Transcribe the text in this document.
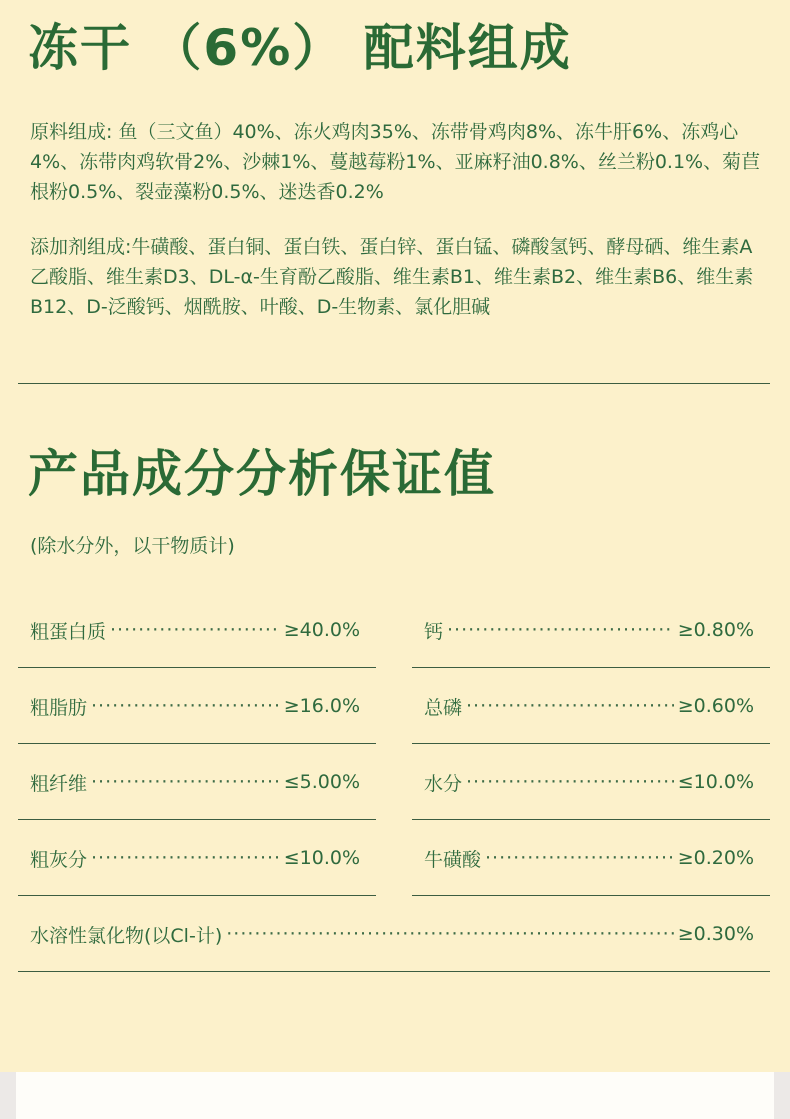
冻干 （6%） 配料组成

原料组成: 鱼（三文鱼）40%、冻火鸡肉35%、冻带骨鸡肉8%、冻牛肝6%、冻鸡心4%、冻带肉鸡软骨2%、沙棘1%、蔓越莓粉1%、亚麻籽油0.8%、丝兰粉0.1%、菊苣根粉0.5%、裂壶藻粉0.5%、迷迭香0.2%

添加剂组成:牛磺酸、蛋白铜、蛋白铁、蛋白锌、蛋白锰、磷酸氢钙、酵母硒、维生素A乙酸脂、维生素D3、DL-α-生育酚乙酸脂、维生素B1、维生素B2、维生素B6、维生素B12、D-泛酸钙、烟酰胺、叶酸、D-生物素、氯化胆碱

产品成分分析保证值
(除水分外，以干物质计)
粗蛋白质 ·····	≥40.0%	钙 ·····	≥0.80%
粗脂肪 ·····	≥16.0%	总磷 ·····	≥0.60%
粗纤维 ·····	≤5.00%	水分 ·····	≤10.0%
粗灰分 ·····	≤10.0%	牛磺酸 ·····	≥0.20%
水溶性氯化物(以Cl-计) ·····	≥0.30%
